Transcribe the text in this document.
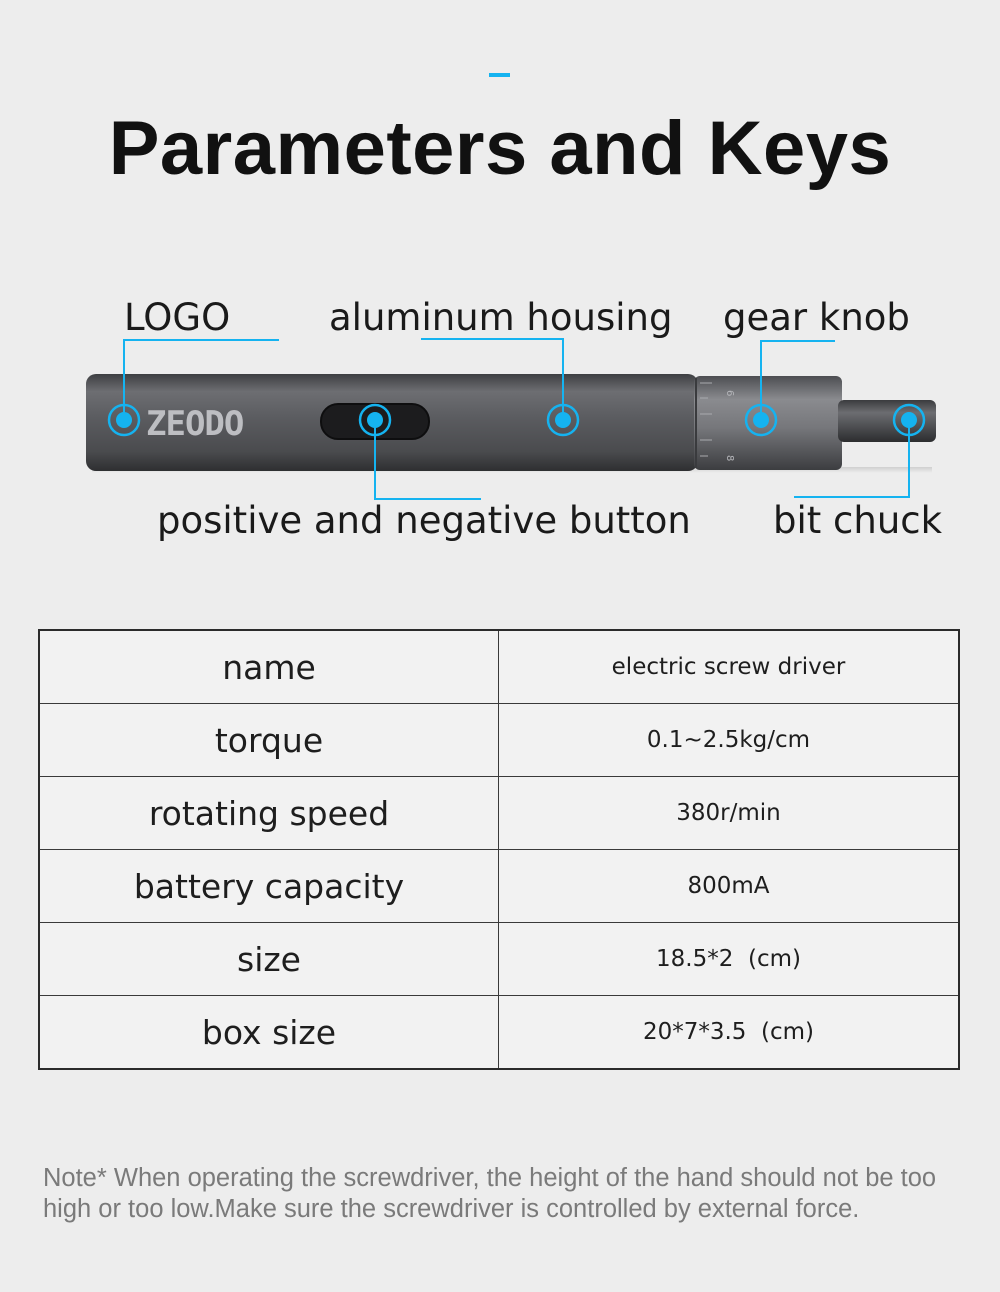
Parameters and Keys
6
8
ZEODO
LOGO	aluminum housing gear knob
positive and negative button bit chuck
name	electric screw driver
torque	0.1~2.5kg/cm
rotating speed	380r/min
battery capacity	800mA
size	18.5*2  (cm)
box size	20*7*3.5  (cm)
Note* When operating the screwdriver, the height of the hand should not be too high or too low.Make sure the screwdriver is controlled by external force.
